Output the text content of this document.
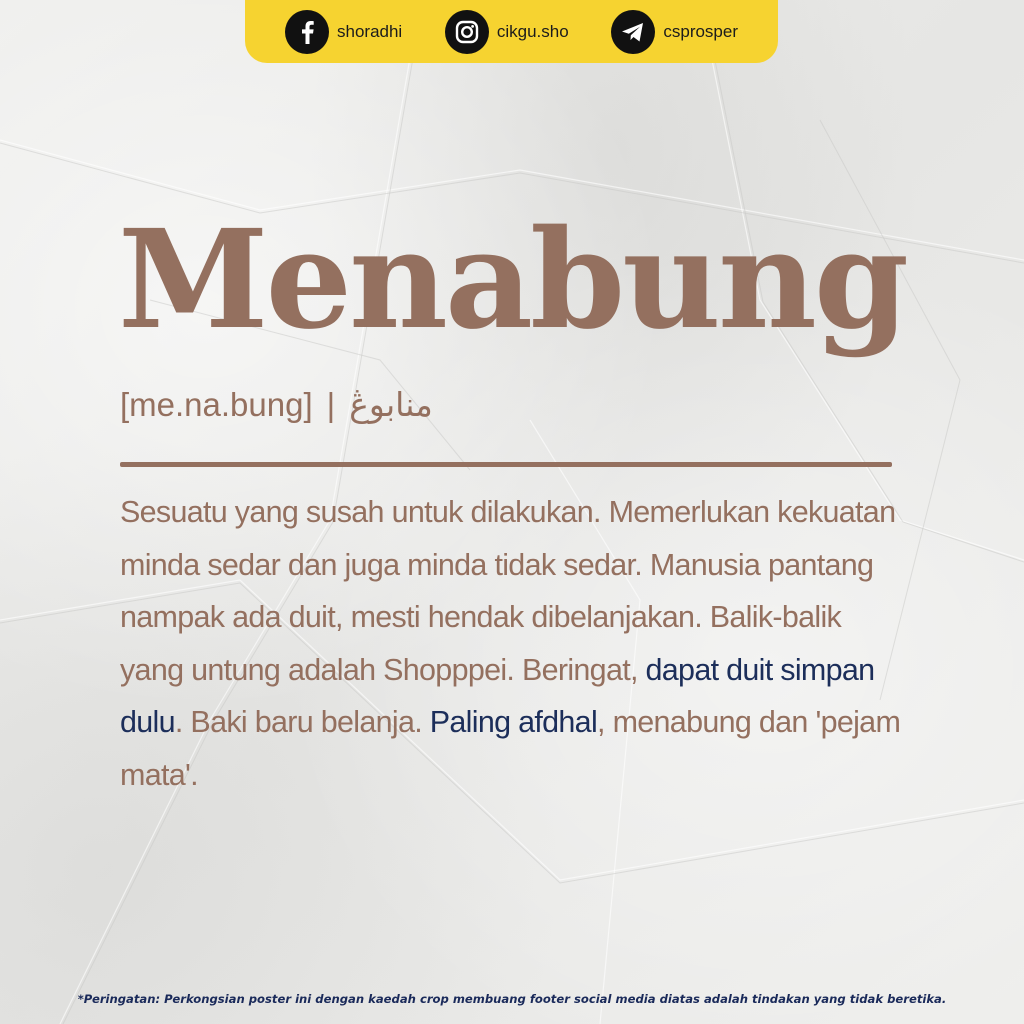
shoradhi	cikgu.sho	csprosper
Menabung
[me.na.bung] | منابوڠ

Sesuatu yang susah untuk dilakukan. Memerlukan kekuatan minda sedar dan juga minda tidak sedar. Manusia pantang nampak ada duit, mesti hendak dibelanjakan. Balik-balik yang untung adalah Shopppei. Beringat, dapat duit simpan dulu. Baki baru belanja. Paling afdhal, menabung dan 'pejam mata'.

*Peringatan: Perkongsian poster ini dengan kaedah crop membuang footer social media diatas adalah tindakan yang tidak beretika.
